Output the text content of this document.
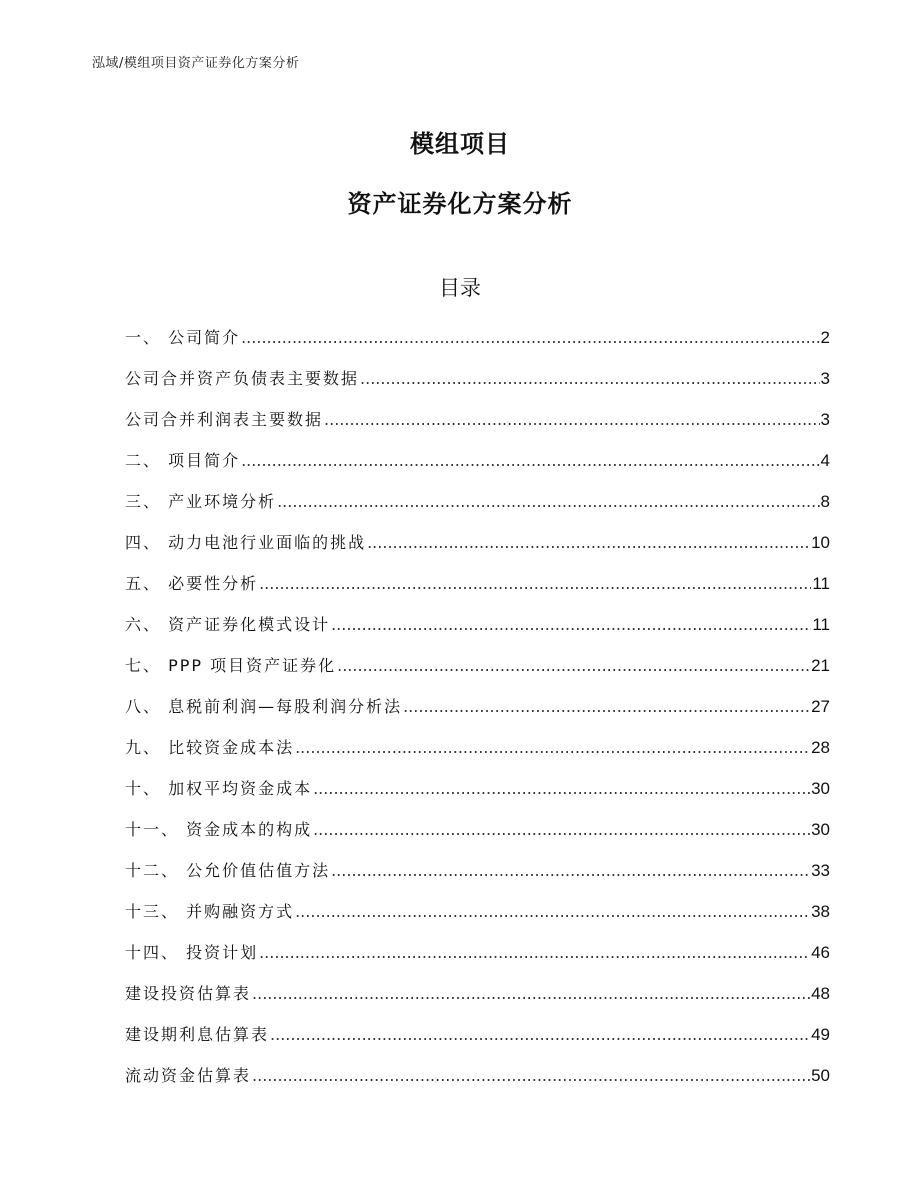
泓域/模组项目资产证券化方案分析
模组项目
资产证券化方案分析
目录
一、 公司简介 .....	2
公司合并资产负债表主要数据 .....	3
公司合并利润表主要数据 .....	3
二、 项目简介 .....	4
三、 产业环境分析 .....	8
四、 动力电池行业面临的挑战 .....	10
五、 必要性分析 .....	11
六、 资产证券化模式设计 .....	11
七、 PPP 项目资产证券化 .....	21
八、 息税前利润—每股利润分析法 .....	27
九、 比较资金成本法 .....	28
十、 加权平均资金成本 .....	30
十一、 资金成本的构成 .....	30
十二、 公允价值估值方法 .....	33
十三、 并购融资方式 .....	38
十四、 投资计划 .....	46
建设投资估算表 .....	48
建设期利息估算表 .....	49
流动资金估算表 .....	50
